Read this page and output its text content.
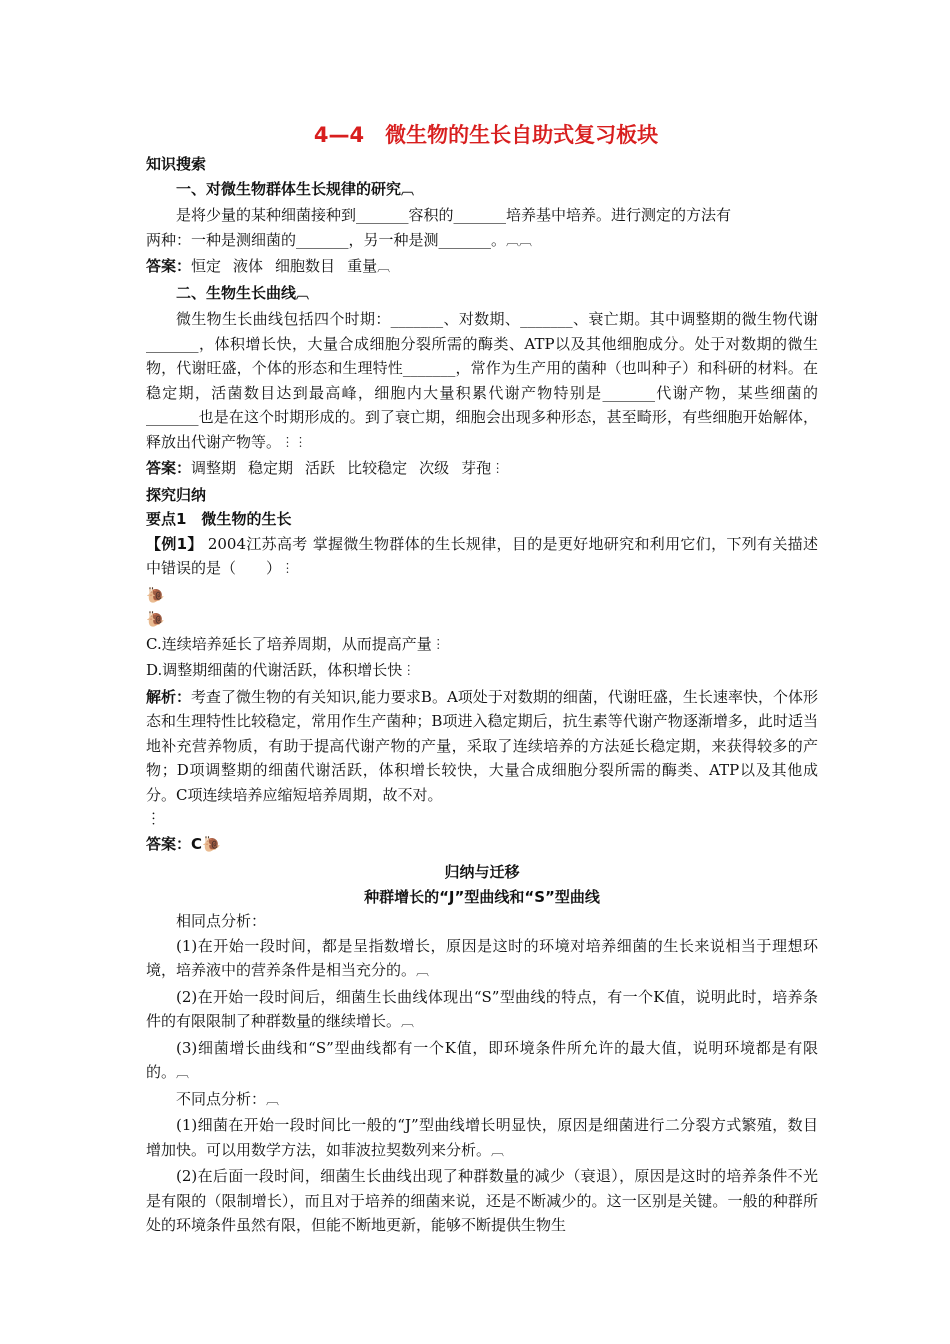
4—4　微生物的生长自助式复习板块
知识搜索
一、对微生物群体生长规律的研究︹
是将少量的某种细菌接种到_______容积的_______培养基中培养。进行测定的方法有
两种：一种是测细菌的_______，另一种是测_______。︹︹
答案：恒定 液体 细胞数目 重量︹
二、生物生长曲线︹
微生物生长曲线包括四个时期：_______、对数期、_______、衰亡期。其中调整期的微生物代谢_______，体积增长快，大量合成细胞分裂所需的酶类、ATP以及其他细胞成分。处于对数期的微生物，代谢旺盛，个体的形态和生理特性_______，常作为生产用的菌种（也叫种子）和科研的材料。在稳定期，活菌数目达到最高峰，细胞内大量积累代谢产物特别是_______代谢产物，某些细菌的_______也是在这个时期形成的。到了衰亡期，细胞会出现多种形态，甚至畸形，有些细胞开始解体，释放出代谢产物等。︙︙
答案：调整期 稳定期 活跃 比较稳定 次级 芽孢︙
探究归纳
要点1　微生物的生长
【例1】 2004江苏高考 掌握微生物群体的生长规律，目的是更好地研究和利用它们，下列有关描述中错误的是（　　）︙
🐌
🐌
C.连续培养延长了培养周期，从而提高产量︙
D.调整期细菌的代谢活跃，体积增长快︙
解析：考查了微生物的有关知识,能力要求B。A项处于对数期的细菌，代谢旺盛，生长速率快，个体形态和生理特性比较稳定，常用作生产菌种；B项进入稳定期后，抗生素等代谢产物逐渐增多，此时适当地补充营养物质，有助于提高代谢产物的产量，采取了连续培养的方法延长稳定期，来获得较多的产物；D项调整期的细菌代谢活跃，体积增长较快，大量合成细胞分裂所需的酶类、ATP以及其他成分。C项连续培养应缩短培养周期，故不对。
︙
答案：C🐌
归纳与迁移
种群增长的“J”型曲线和“S”型曲线
相同点分析：
(1)在开始一段时间，都是呈指数增长，原因是这时的环境对培养细菌的生长来说相当于理想环境，培养液中的营养条件是相当充分的。︹
(2)在开始一段时间后，细菌生长曲线体现出“S”型曲线的特点，有一个K值，说明此时，培养条件的有限限制了种群数量的继续增长。︹
(3)细菌增长曲线和“S”型曲线都有一个K值，即环境条件所允许的最大值，说明环境都是有限的。︹
不同点分析：︹
(1)细菌在开始一段时间比一般的“J”型曲线增长明显快，原因是细菌进行二分裂方式繁殖，数目增加快。可以用数学方法，如菲波拉契数列来分析。︹
(2)在后面一段时间，细菌生长曲线出现了种群数量的减少（衰退），原因是这时的培养条件不光是有限的（限制增长），而且对于培养的细菌来说，还是不断减少的。这一区别是关键。一般的种群所处的环境条件虽然有限，但能不断地更新，能够不断提供生物生
